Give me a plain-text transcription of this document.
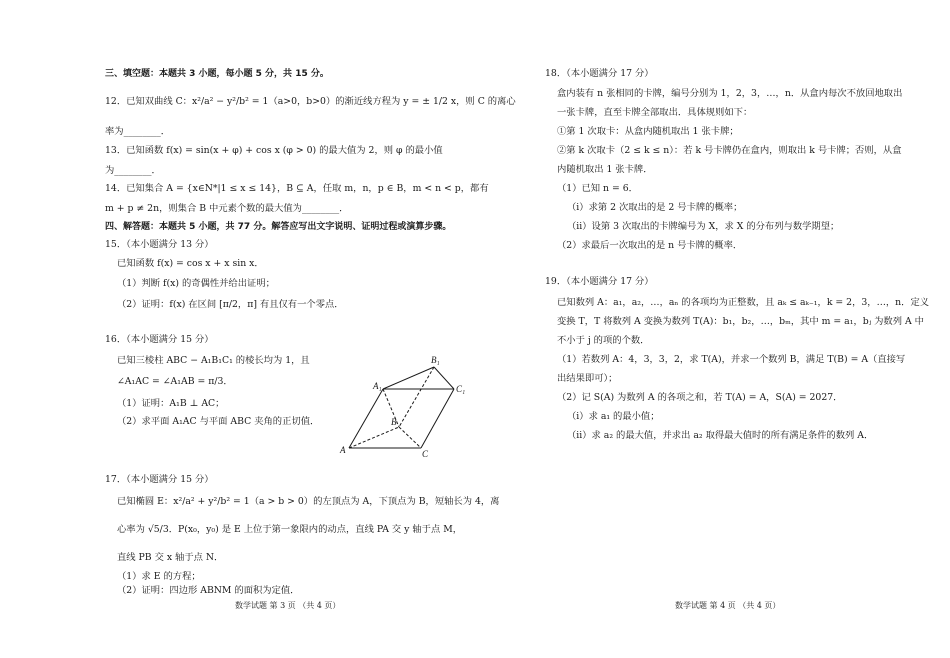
三、填空题：本题共 3 小题，每小题 5 分，共 15 分。
12．已知双曲线 C：x²/a² − y²/b² = 1（a>0，b>0）的渐近线方程为 y = ± 1/2 x，则 C 的离心
率为________．
13．已知函数 f(x) = sin(x + φ) + cos x (φ > 0) 的最大值为 2，则 φ 的最小值
为________．
14．已知集合 A = {x∈N*|1 ≤ x ≤ 14}，B ⊆ A，任取 m，n，p ∈ B，m < n < p，都有
m + p ≠ 2n，则集合 B 中元素个数的最大值为________．
四、解答题：本题共 5 小题，共 77 分。解答应写出文字说明、证明过程或演算步骤。
15．（本小题满分 13 分）
已知函数 f(x) = cos x + x sin x．
（1）判断 f(x) 的奇偶性并给出证明；
（2）证明：f(x) 在区间 [π/2，π] 有且仅有一个零点．
16．（本小题满分 15 分）
已知三棱柱 ABC − A₁B₁C₁ 的棱长均为 1，且
∠A₁AC = ∠A₁AB = π/3．
（1）证明：A₁B ⊥ AC；
（2）求平面 A₁AC 与平面 ABC 夹角的正切值．
B₁
A₁	C₁
B
A	C
17．（本小题满分 15 分）
已知椭圆 E：x²/a² + y²/b² = 1（a > b > 0）的左顶点为 A，下顶点为 B，短轴长为 4，离
心率为 √5/3．P(x₀，y₀) 是 E 上位于第一象限内的动点，直线 PA 交 y 轴于点 M，
直线 PB 交 x 轴于点 N．
（1）求 E 的方程；
（2）证明：四边形 ABNM 的面积为定值．
数学试题 第 3 页 （共 4 页）
18．（本小题满分 17 分）
盒内装有 n 张相同的卡牌，编号分别为 1，2，3，…，n．从盒内每次不放回地取出
一张卡牌，直至卡牌全部取出．具体规则如下：
①第 1 次取卡：从盒内随机取出 1 张卡牌；
②第 k 次取卡（2 ≤ k ≤ n）：若 k 号卡牌仍在盒内，则取出 k 号卡牌；否则，从盒
内随机取出 1 张卡牌．
（1）已知 n = 6．
（i）求第 2 次取出的是 2 号卡牌的概率；
（ii）设第 3 次取出的卡牌编号为 X，求 X 的分布列与数学期望；
（2）求最后一次取出的是 n 号卡牌的概率．
19．（本小题满分 17 分）
已知数列 A：a₁，a₂，…，aₙ 的各项均为正整数，且 aₖ ≤ aₖ₋₁，k = 2，3，…，n．定义
变换 T，T 将数列 A 变换为数列 T(A)：b₁，b₂，…，bₘ，其中 m = a₁，bⱼ 为数列 A 中
不小于 j 的项的个数．
（1）若数列 A：4，3，3，2，求 T(A)，并求一个数列 B，满足 T(B) = A（直接写
出结果即可）；
（2）记 S(A) 为数列 A 的各项之和，若 T(A) = A，S(A) = 2027．
（i）求 a₁ 的最小值；
（ii）求 a₂ 的最大值，并求出 a₂ 取得最大值时的所有满足条件的数列 A．
数学试题 第 4 页 （共 4 页）
